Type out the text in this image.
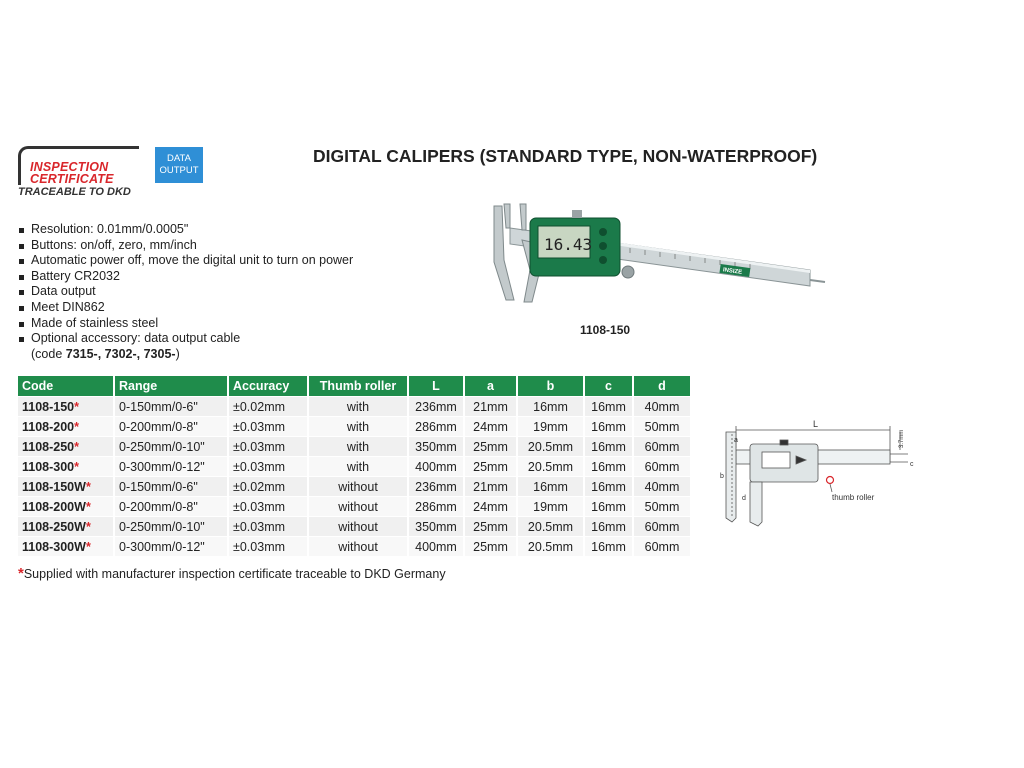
INSPECTION
CERTIFICATE
TRACEABLE TO DKD
DATA
OUTPUT
DIGITAL CALIPERS (STANDARD TYPE, NON-WATERPROOF)
Resolution: 0.01mm/0.0005"
Buttons: on/off, zero, mm/inch
Automatic power off, move the digital unit to turn on power
Battery CR2032
Data output
Meet DIN862
Made of stainless steel
Optional accessory: data output cable
(code 7315-, 7302-, 7305-)
INSIZE
16.43
1108-150
Code	Range	Accuracy	Thumb roller	L	a	b	c	d
1108-150*	0-150mm/0-6"	±0.02mm	with	236mm	21mm	16mm	16mm	40mm
1108-200*	0-200mm/0-8"	±0.03mm	with	286mm	24mm	19mm	16mm	50mm
1108-250*	0-250mm/0-10"	±0.03mm	with	350mm	25mm	20.5mm	16mm	60mm
1108-300*	0-300mm/0-12"	±0.03mm	with	400mm	25mm	20.5mm	16mm	60mm
1108-150W*	0-150mm/0-6"	±0.02mm	without	236mm	21mm	16mm	16mm	40mm
1108-200W*	0-200mm/0-8"	±0.03mm	without	286mm	24mm	19mm	16mm	50mm
1108-250W*	0-250mm/0-10"	±0.03mm	without	350mm	25mm	20.5mm	16mm	60mm
1108-300W*	0-300mm/0-12"	±0.03mm	without	400mm	25mm	20.5mm	16mm	60mm
*Supplied with manufacturer inspection certificate traceable to DKD Germany
L
a
b
c
d
3.7mm
thumb roller
